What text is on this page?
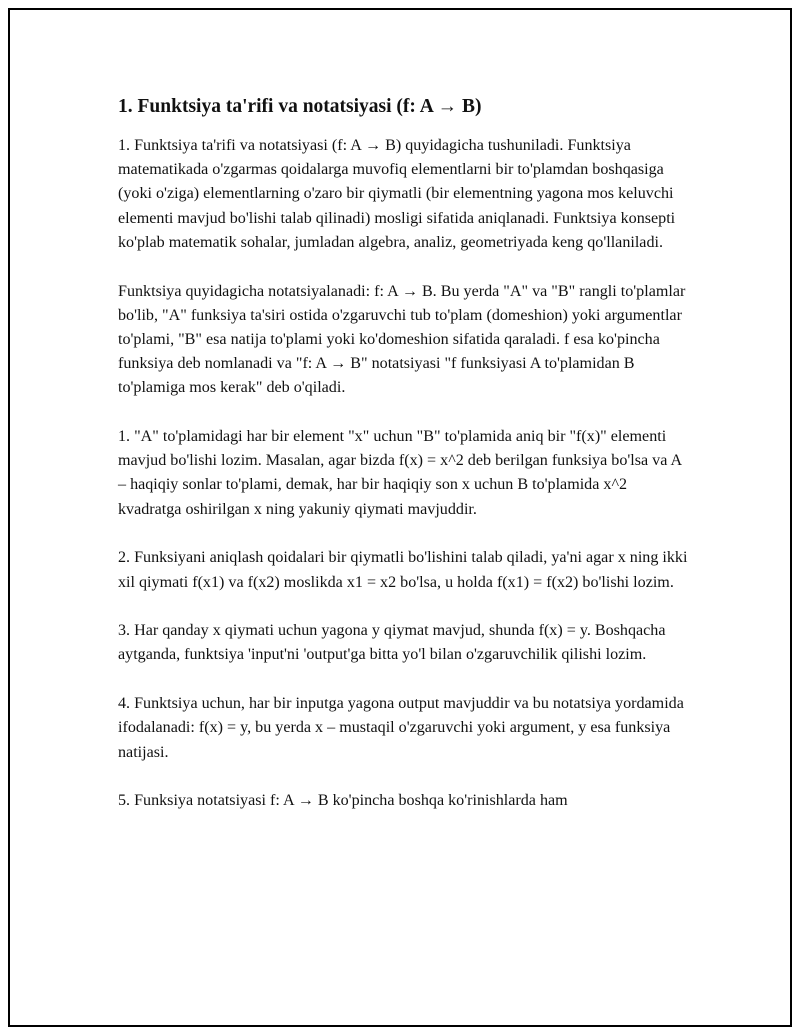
1. Funktsiya ta'rifi va notatsiyasi (f: A → B)

1. Funktsiya ta'rifi va notatsiyasi (f: A → B) quyidagicha tushuniladi. Funktsiya matematikada o'zgarmas qoidalarga muvofiq elementlarni bir to'plamdan boshqasiga (yoki o'ziga) elementlarning o'zaro bir qiymatli (bir elementning yagona mos keluvchi elementi mavjud bo'lishi talab qilinadi) mosligi sifatida aniqlanadi. Funktsiya konsepti ko'plab matematik sohalar, jumladan algebra, analiz, geometriyada keng qo'llaniladi.

Funktsiya quyidagicha notatsiyalanadi: f: A → B. Bu yerda "A" va "B" rangli to'plamlar bo'lib, "A" funksiya ta'siri ostida o'zgaruvchi tub to'plam (domeshion) yoki argumentlar to'plami, "B" esa natija to'plami yoki ko'domeshion sifatida qaraladi. f esa ko'pincha funksiya deb nomlanadi va "f: A → B" notatsiyasi "f funksiyasi A to'plamidan B to'plamiga mos kerak" deb o'qiladi.

1. "A" to'plamidagi har bir element "x" uchun "B" to'plamida aniq bir "f(x)" elementi mavjud bo'lishi lozim. Masalan, agar bizda f(x) = x^2 deb berilgan funksiya bo'lsa va A – haqiqiy sonlar to'plami, demak, har bir haqiqiy son x uchun B to'plamida x^2 kvadratga oshirilgan x ning yakuniy qiymati mavjuddir.

2. Funksiyani aniqlash qoidalari bir qiymatli bo'lishini talab qiladi, ya'ni agar x ning ikki xil qiymati f(x1) va f(x2) moslikda x1 = x2 bo'lsa, u holda f(x1) = f(x2) bo'lishi lozim.

3. Har qanday x qiymati uchun yagona y qiymat mavjud, shunda f(x) = y. Boshqacha aytganda, funktsiya 'input'ni 'output'ga bitta yo'l bilan o'zgaruvchilik qilishi lozim.

4. Funktsiya uchun, har bir inputga yagona output mavjuddir va bu notatsiya yordamida ifodalanadi: f(x) = y, bu yerda x – mustaqil o'zgaruvchi yoki argument, y esa funksiya natijasi.

5. Funksiya notatsiyasi f: A → B ko'pincha boshqa ko'rinishlarda ham
